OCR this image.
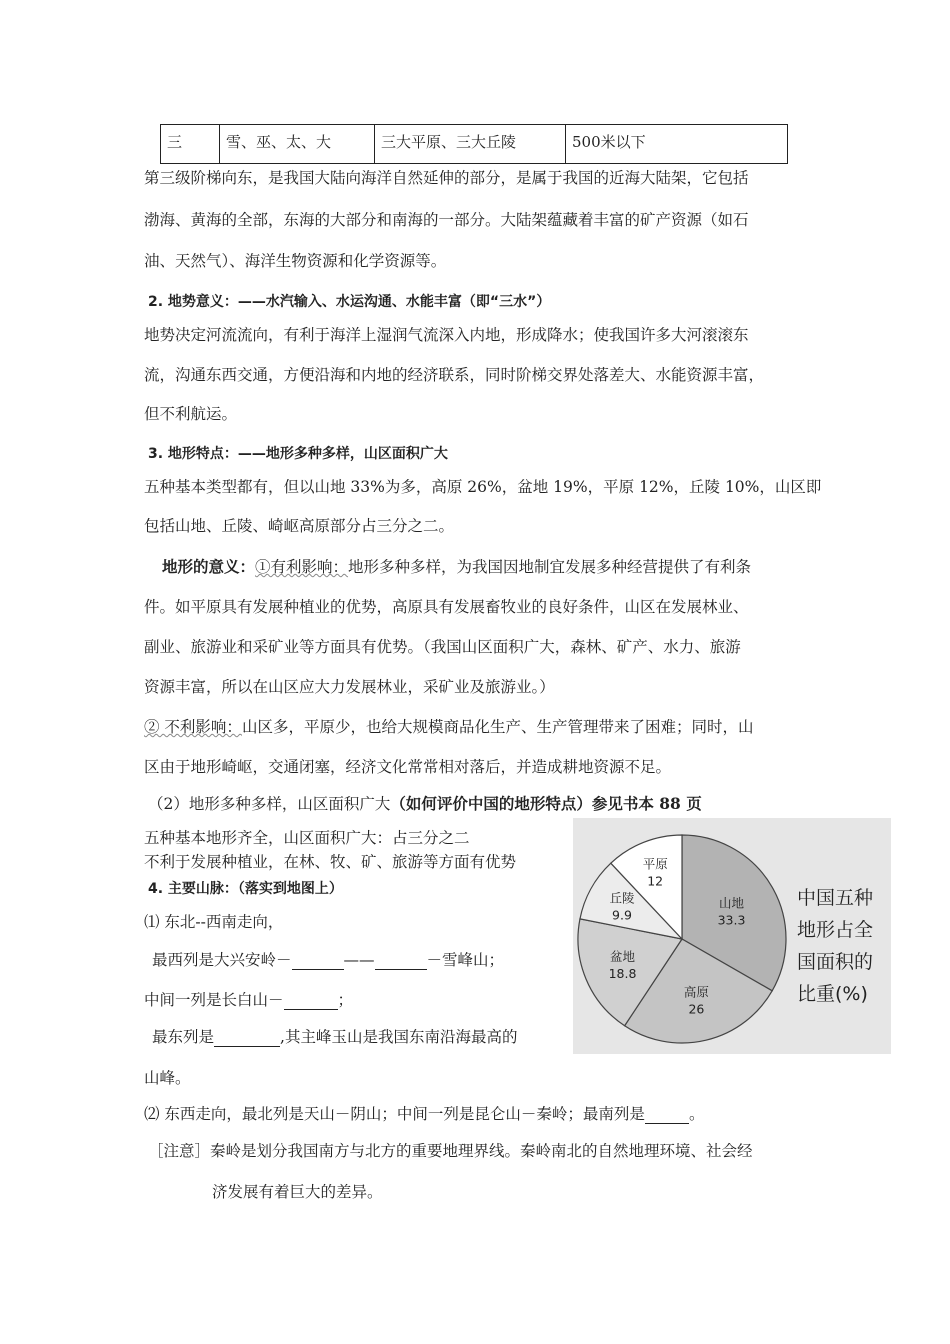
三	雪、巫、太、大	三大平原、三大丘陵	500米以下
第三级阶梯向东，是我国大陆向海洋自然延伸的部分，是属于我国的近海大陆架，它包括
渤海、黄海的全部，东海的大部分和南海的一部分。大陆架蕴藏着丰富的矿产资源（如石
油、天然气）、海洋生物资源和化学资源等。
2. 地势意义：——水汽输入、水运沟通、水能丰富（即“三水”）
地势决定河流流向，有利于海洋上湿润气流深入内地，形成降水；使我国许多大河滚滚东
流，沟通东西交通，方便沿海和内地的经济联系，同时阶梯交界处落差大、水能资源丰富，
但不利航运。
3. 地形特点：——地形多种多样，山区面积广大
五种基本类型都有，但以山地 33%为多，高原 26%，盆地 19%，平原 12%，丘陵 10%，山区即
包括山地、丘陵、崎岖高原部分占三分之二。
地形的意义：①有利影响：地形多种多样，为我国因地制宜发展多种经营提供了有利条
件。如平原具有发展种植业的优势，高原具有发展畜牧业的良好条件，山区在发展林业、
副业、旅游业和采矿业等方面具有优势。（我国山区面积广大，森林、矿产、水力、旅游
资源丰富，所以在山区应大力发展林业，采矿业及旅游业。）
② 不利影响：山区多，平原少，也给大规模商品化生产、生产管理带来了困难；同时，山
区由于地形崎岖，交通闭塞，经济文化常常相对落后，并造成耕地资源不足。
（2）地形多种多样，山区面积广大（如何评价中国的地形特点）参见书本 88 页
五种基本地形齐全，山区面积广大：占三分之二
不利于发展种植业，在林、牧、矿、旅游等方面有优势
4. 主要山脉：（落实到地图上）
⑴ 东北--西南走向，
最西列是大兴安岭－	——	－雪峰山；
中间一列是长白山－	；
最东列是	,其主峰玉山是我国东南沿海最高的
山峰。
⑵ 东西走向，最北列是天山－阴山；中间一列是昆仑山－秦岭；最南列是	。
［注意］秦岭是划分我国南方与北方的重要地理界线。秦岭南北的自然地理环境、社会经
济发展有着巨大的差异。
山地
33.3
高原
26
盆地
18.8
丘陵
9.9
平原
12
中国五种
地形占全
国面积的
比重(%)
